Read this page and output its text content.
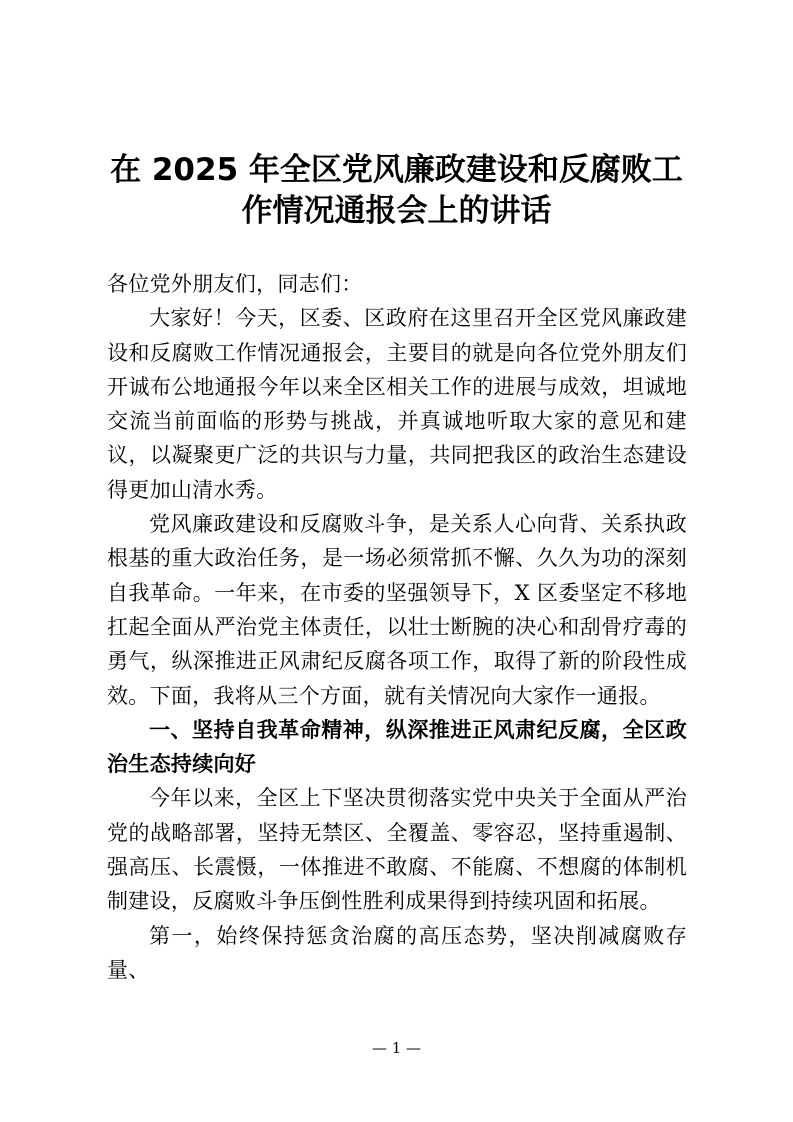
在 2025 年全区党风廉政建设和反腐败工
作情况通报会上的讲话

各位党外朋友们，同志们：

大家好！今天，区委、区政府在这里召开全区党风廉政建设和反腐败工作情况通报会，主要目的就是向各位党外朋友们开诚布公地通报今年以来全区相关工作的进展与成效，坦诚地交流当前面临的形势与挑战，并真诚地听取大家的意见和建议，以凝聚更广泛的共识与力量，共同把我区的政治生态建设得更加山清水秀。

党风廉政建设和反腐败斗争，是关系人心向背、关系执政根基的重大政治任务，是一场必须常抓不懈、久久为功的深刻自我革命。一年来，在市委的坚强领导下，X 区委坚定不移地扛起全面从严治党主体责任，以壮士断腕的决心和刮骨疗毒的勇气，纵深推进正风肃纪反腐各项工作，取得了新的阶段性成效。下面，我将从三个方面，就有关情况向大家作一通报。

一、坚持自我革命精神，纵深推进正风肃纪反腐，全区政治生态持续向好

今年以来，全区上下坚决贯彻落实党中央关于全面从严治党的战略部署，坚持无禁区、全覆盖、零容忍，坚持重遏制、强高压、长震慑，一体推进不敢腐、不能腐、不想腐的体制机制建设，反腐败斗争压倒性胜利成果得到持续巩固和拓展。

第一，始终保持惩贪治腐的高压态势，坚决削减腐败存量、

— 1 —
